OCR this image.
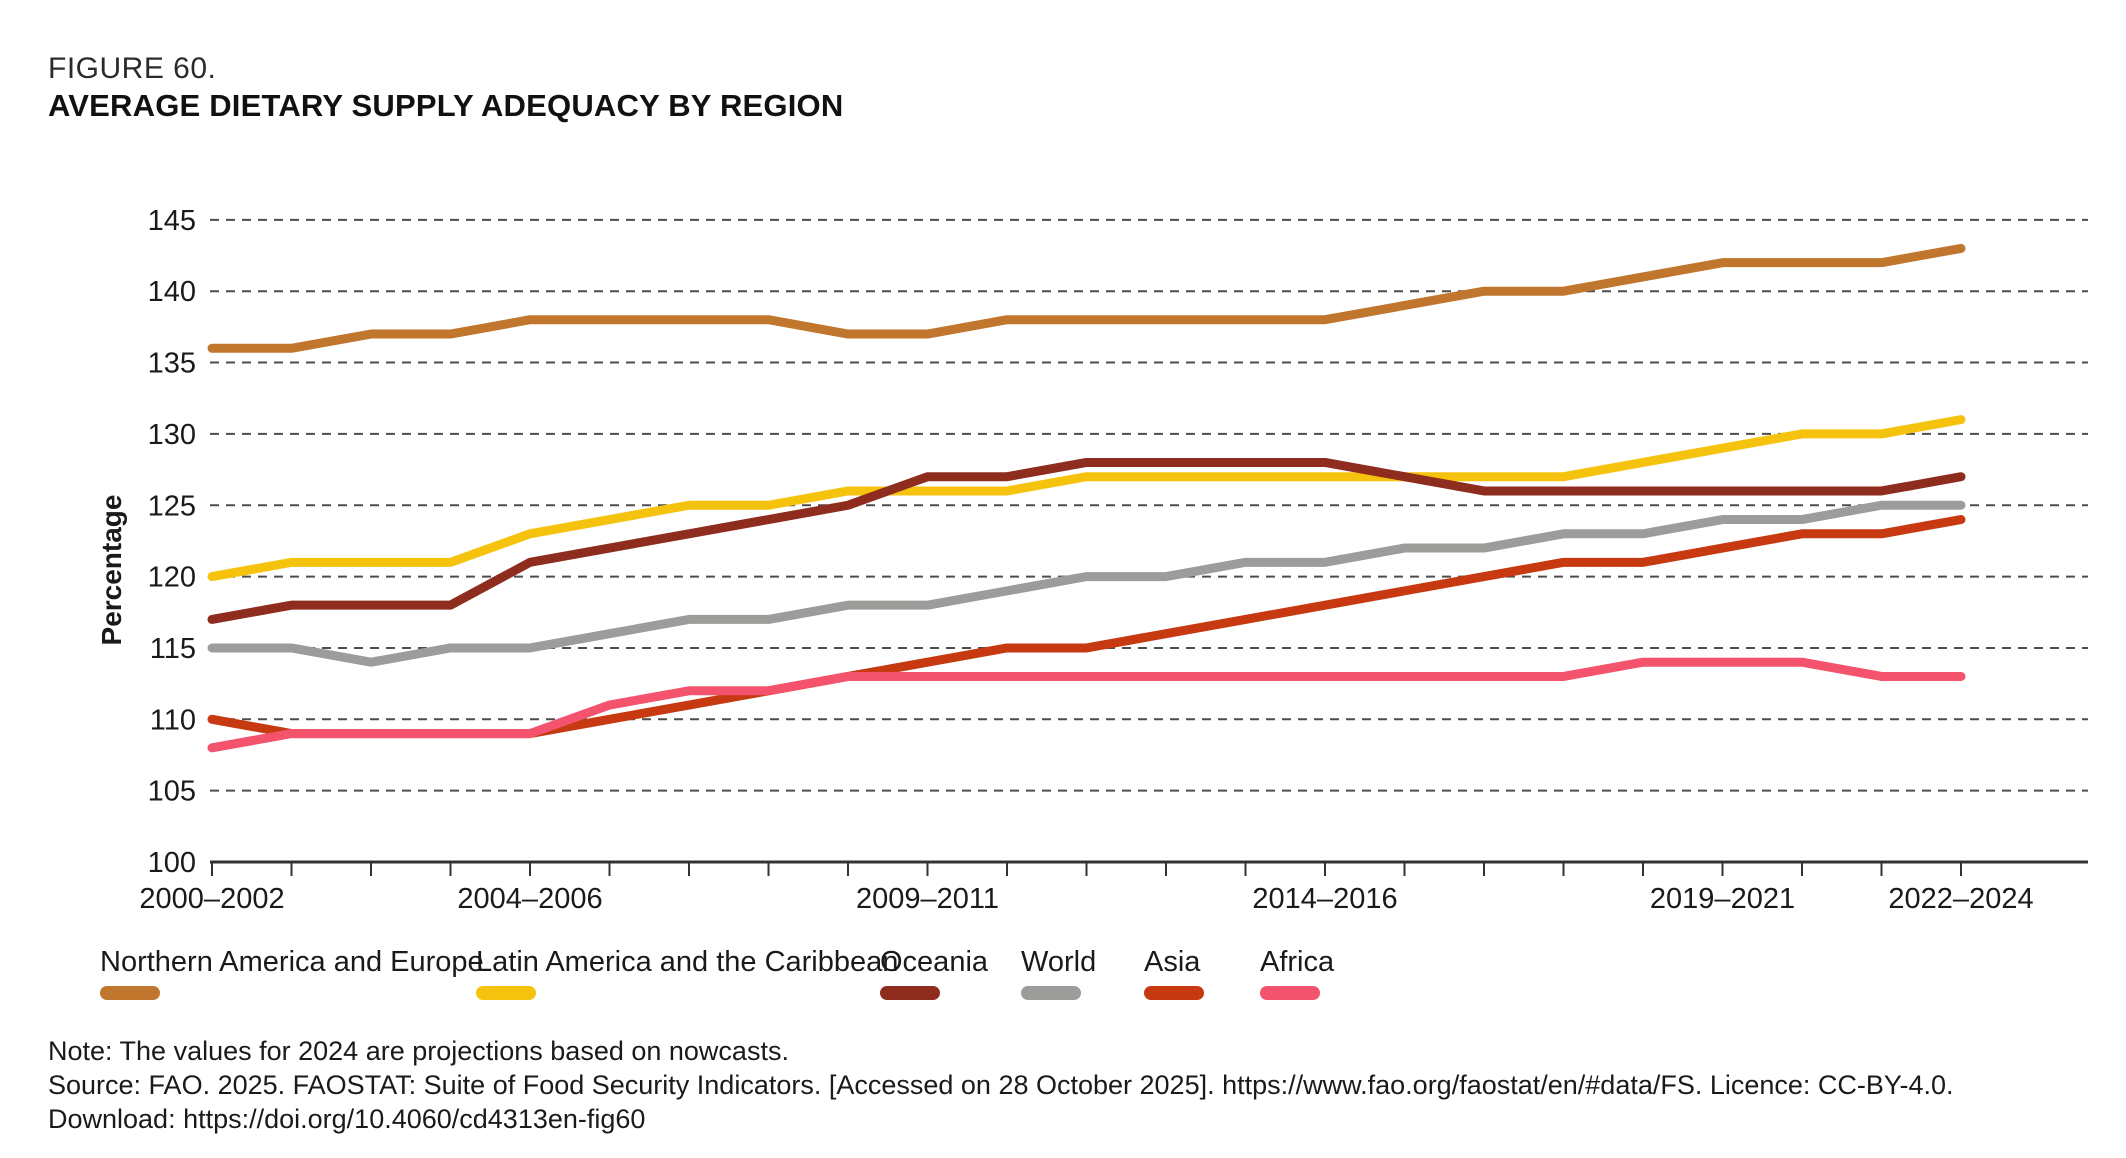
FIGURE 60.
AVERAGE DIETARY SUPPLY ADEQUACY BY REGION
100
105
110
115
120
125
130
135
140
145
2000–2002	2004–2006	2009–2011	2014–2016	2019–2021	2022–2024
Percentage
Northern America and Europe
Latin America and the Caribbean
Oceania World Asia Africa
Note: The values for 2024 are projections based on nowcasts.
Source: FAO. 2025. FAOSTAT: Suite of Food Security Indicators. [Accessed on 28 October 2025]. https://www.fao.org/faostat/en/#data/FS. Licence: CC-BY-4.0.
Download: https://doi.org/10.4060/cd4313en-fig60
